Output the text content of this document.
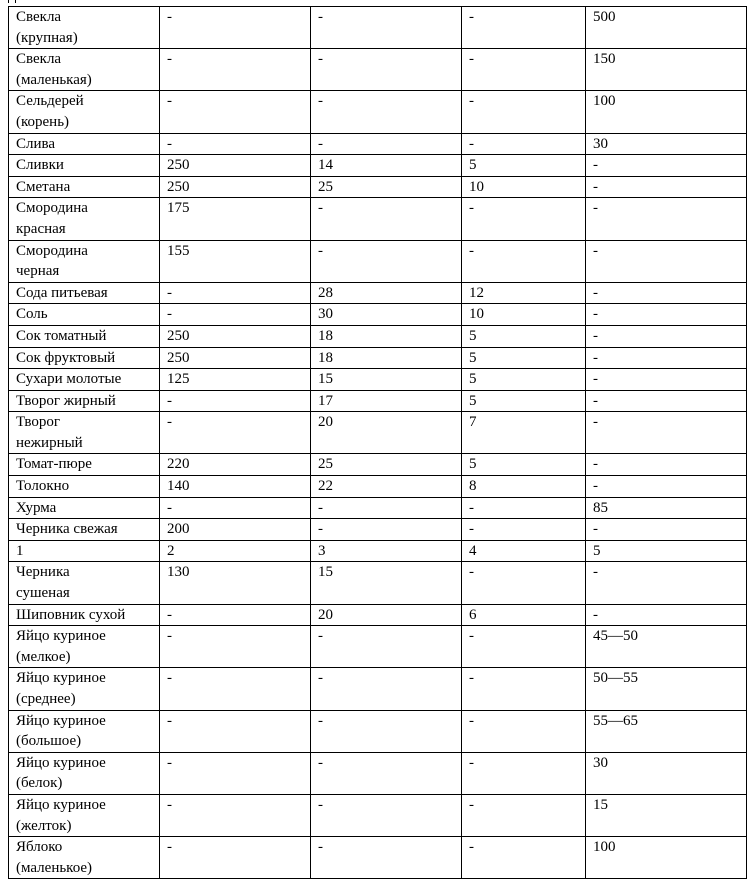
Свекла
(крупная)	-	-	-	500
Свекла
(маленькая)	-	-	-	150
Сельдерей
(корень)	-	-	-	100
Слива	-	-	-	30
Сливки	250	14	5	-
Сметана	250	25	10	-
Смородина
красная	175	-	-	-
Смородина
черная	155	-	-	-
Сода питьевая	-	28	12	-
Соль	-	30	10	-
Сок томатный	250	18	5	-
Сок фруктовый	250	18	5	-
Сухари молотые	125	15	5	-
Творог жирный	-	17	5	-
Творог
нежирный	-	20	7	-
Томат-пюре	220	25	5	-
Толокно	140	22	8	-
Хурма	-	-	-	85
Черника свежая	200	-	-	-
1	2	3	4	5
Черника
сушеная	130	15	-	-
Шиповник сухой	-	20	6	-
Яйцо куриное
(мелкое)	-	-	-	45—50
Яйцо куриное
(среднее)	-	-	-	50—55
Яйцо куриное
(большое)	-	-	-	55—65
Яйцо куриное
(белок)	-	-	-	30
Яйцо куриное
(желток)	-	-	-	15
Яблоко
(маленькое)	-	-	-	100
